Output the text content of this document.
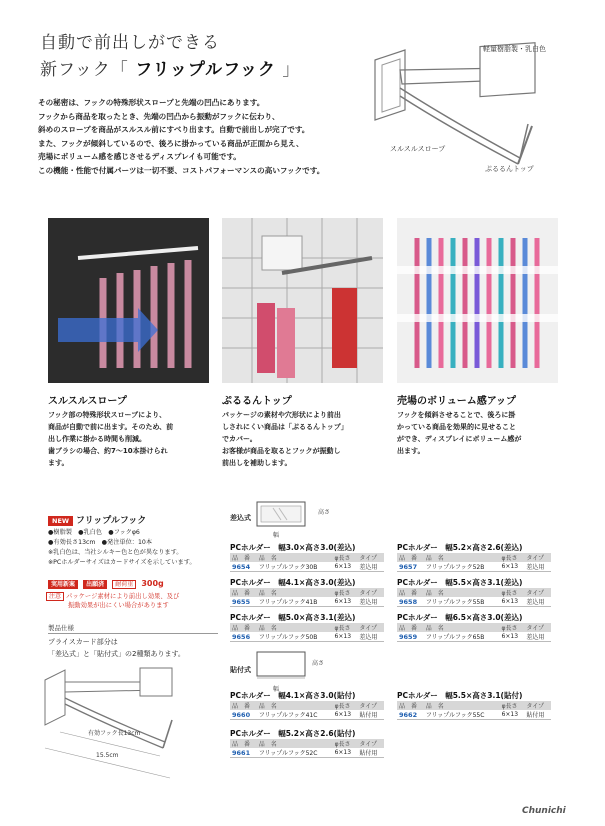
自動で前出しができる
新フック「 フリップルフック 」
その秘密は、フックの特殊形状スロープと先端の凹凸にあります。
フックから商品を取ったとき、先端の凹凸から振動がフックに伝わり、
斜めのスロープを商品がスルスル前にすべり出ます。自動で前出しが完了です。
また、フックが傾斜しているので、後ろに掛かっている商品が正面から見え、
売場にボリューム感を感じさせるディスプレイも可能です。
この機能・性能で付属パーツは一切不要、コストパフォーマンスの高いフックです。
軽量樹脂製・乳白色
スルスルスロープ
ぷるるんトップ
スルスルスロープ
フック部の特殊形状スロープにより、
商品が自動で前に出ます。そのため、前
出し作業に掛かる時間も削減。
歯ブラシの場合、約7～10本掛けられ
ます。
ぷるるんトップ
パッケージの素材や穴形状により前出
しされにくい商品は「ぷるるんトップ」
でカバー。
お客様が商品を取るとフックが振動し
前出しを補助します。
売場のボリューム感アップ
フックを傾斜させることで、後ろに掛
かっている商品を効果的に見せること
ができ、ディスプレイにボリューム感が
出ます。
NEW フリップルフック
●樹脂製　●乳白色　●フックφ6
●有効長さ13cm　●発注単位：10本
※乳白色は、当社シルキー色と色が異なります。
※PCホルダーサイズはカードサイズを示しています。
実用新案 出願済 耐荷重 300g
注意 パッケージ素材により前出し効果、及び
振動効果が出にくい場合があります
製品仕様
プライスカード部分は
「差込式」と「貼付式」の2種類あります。
有効フック長13cm
15.5cm
差込式
高さ
貼付式
高さ
幅
幅
PCホルダー　幅3.0×高さ3.0(差込)
品　番	品　名	φ長さ	タイプ
9654	フリップルフック30B	6×13	差込用
PCホルダー　幅4.1×高さ3.0(差込)
品　番	品　名	φ長さ	タイプ
9655	フリップルフック41B	6×13	差込用
PCホルダー　幅5.0×高さ3.1(差込)
品　番	品　名	φ長さ	タイプ
9656	フリップルフック50B	6×13	差込用
PCホルダー　幅5.2×高さ2.6(差込)
品　番	品　名	φ長さ	タイプ
9657	フリップルフック52B	6×13	差込用
PCホルダー　幅5.5×高さ3.1(差込)
品　番	品　名	φ長さ	タイプ
9658	フリップルフック55B	6×13	差込用
PCホルダー　幅6.5×高さ3.0(差込)
品　番	品　名	φ長さ	タイプ
9659	フリップルフック65B	6×13	差込用
PCホルダー　幅4.1×高さ3.0(貼付)
品　番	品　名	φ長さ	タイプ
9660	フリップルフック41C	6×13	貼付用
PCホルダー　幅5.2×高さ2.6(貼付)
品　番	品　名	φ長さ	タイプ
9661	フリップルフック52C	6×13	貼付用
PCホルダー　幅5.5×高さ3.1(貼付)
品　番	品　名	φ長さ	タイプ
9662	フリップルフック55C	6×13	貼付用
Chunichi
